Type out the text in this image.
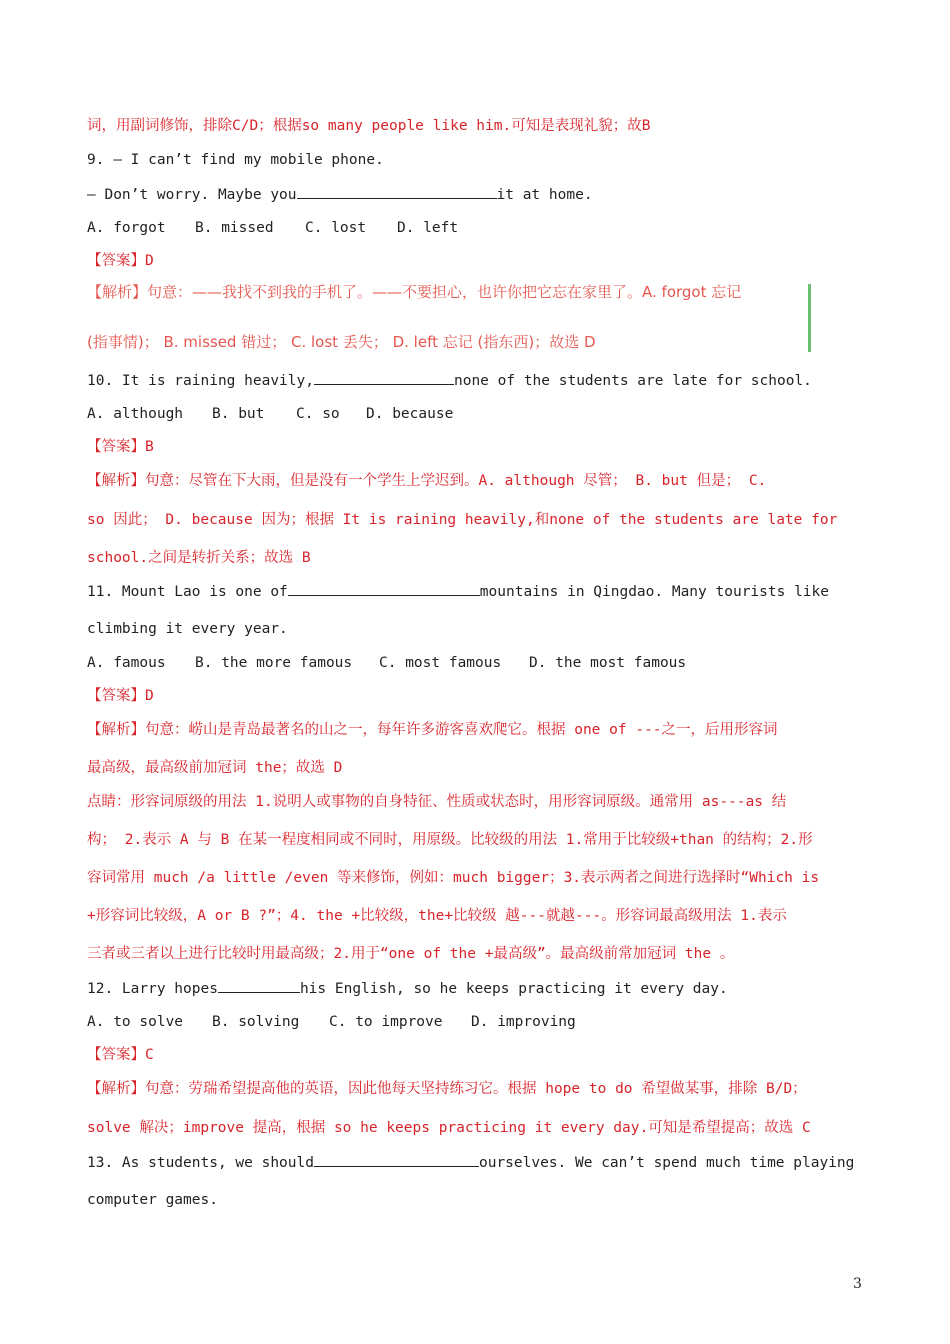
词，用副词修饰，排除C/D；根据so many people like him.可知是表现礼貌；故B
9. — I can’t find my mobile phone.
— Don’t worry. Maybe you	it at home.
A. forgot B. missed C. lost D. left
【答案】D
【解析】句意：——我找不到我的手机了。——不要担心，也许你把它忘在家里了。A. forgot 忘记
(指事情)； B. missed 错过； C. lost 丢失； D. left 忘记 (指东西)；故选 D
10. It is raining heavily,	none of the students are late for school.
A. although B. but C. so D. because
【答案】B
【解析】句意：尽管在下大雨，但是没有一个学生上学迟到。A. although 尽管； B. but 但是； C.
so 因此； D. because 因为；根据 It is raining heavily,和none of the students are late for
school.之间是转折关系；故选 B
11. Mount Lao is one of	mountains in Qingdao. Many tourists like
climbing it every year.
A. famous B. the more famous C. most famous D. the most famous
【答案】D
【解析】句意：崂山是青岛最著名的山之一，每年许多游客喜欢爬它。根据 one of ---之一，后用形容词
最高级，最高级前加冠词 the；故选 D
点睛：形容词原级的用法 1.说明人或事物的自身特征、性质或状态时，用形容词原级。通常用 as---as 结
构； 2.表示 A 与 B 在某一程度相同或不同时，用原级。比较级的用法 1.常用于比较级+than 的结构；2.形
容词常用 much /a little /even 等来修饰，例如：much bigger；3.表示两者之间进行选择时“Which is
+形容词比较级，A or B ?”；4. the +比较级，the+比较级 越---就越---。形容词最高级用法 1.表示
三者或三者以上进行比较时用最高级；2.用于“one of the +最高级”。最高级前常加冠词 the 。
12. Larry hopes	his English, so he keeps practicing it every day.
A. to solve B. solving C. to improve D. improving
【答案】C
【解析】句意：劳瑞希望提高他的英语，因此他每天坚持练习它。根据 hope to do 希望做某事，排除 B/D；
solve 解决；improve 提高，根据 so he keeps practicing it every day.可知是希望提高；故选 C
13. As students, we should	ourselves. We can’t spend much time playing
computer games.
3
